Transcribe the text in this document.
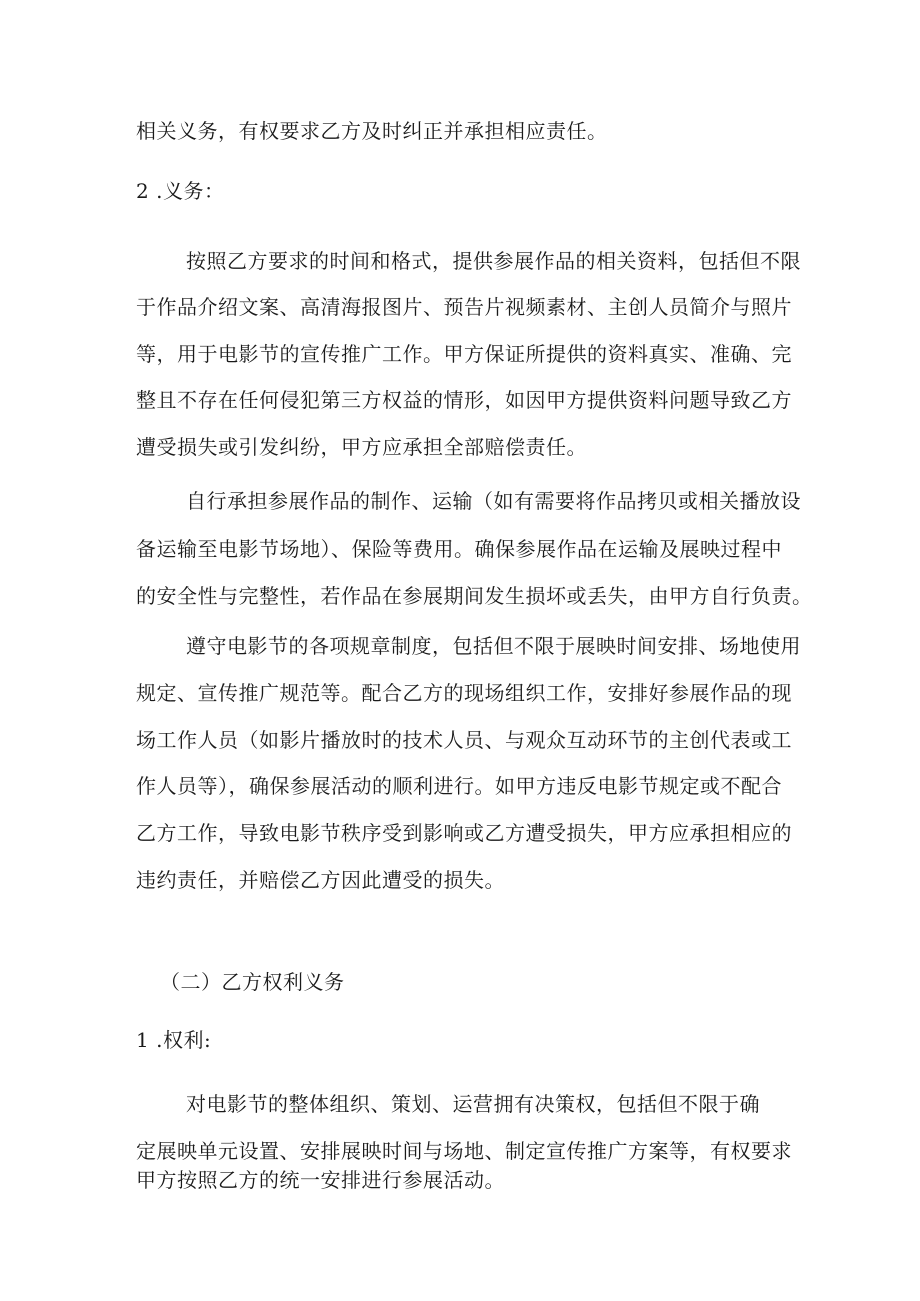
相关义务，有权要求乙方及时纠正并承担相应责任。
2 .义务：
按照乙方要求的时间和格式，提供参展作品的相关资料，包括但不限
于作品介绍文案、高清海报图片、预告片视频素材、主创人员简介与照片
等，用于电影节的宣传推广工作。甲方保证所提供的资料真实、准确、完
整且不存在任何侵犯第三方权益的情形，如因甲方提供资料问题导致乙方
遭受损失或引发纠纷，甲方应承担全部赔偿责任。
自行承担参展作品的制作、运输（如有需要将作品拷贝或相关播放设
备运输至电影节场地）、保险等费用。确保参展作品在运输及展映过程中
的安全性与完整性，若作品在参展期间发生损坏或丢失，由甲方自行负责。
遵守电影节的各项规章制度，包括但不限于展映时间安排、场地使用
规定、宣传推广规范等。配合乙方的现场组织工作，安排好参展作品的现
场工作人员（如影片播放时的技术人员、与观众互动环节的主创代表或工
作人员等），确保参展活动的顺利进行。如甲方违反电影节规定或不配合
乙方工作，导致电影节秩序受到影响或乙方遭受损失，甲方应承担相应的
违约责任，并赔偿乙方因此遭受的损失。
（二）乙方权利义务
1 .权利:
对电影节的整体组织、策划、运营拥有决策权，包括但不限于确
定展映单元设置、安排展映时间与场地、制定宣传推广方案等，有权要求
甲方按照乙方的统一安排进行参展活动。
